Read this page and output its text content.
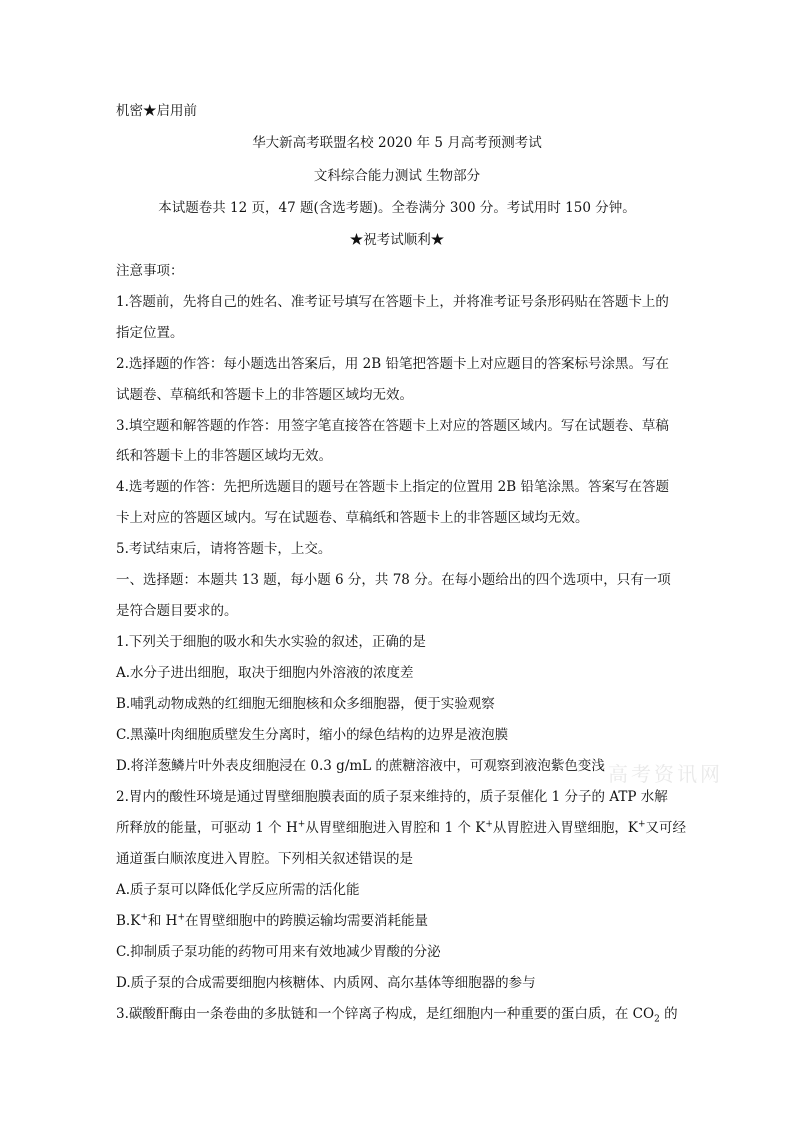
机密★启用前
华大新高考联盟名校 2020 年 5 月高考预测考试
文科综合能力测试 生物部分
本试题卷共 12 页，47 题(含选考题)。全卷满分 300 分。考试用时 150 分钟。
★祝考试顺利★
注意事项：
1.答题前，先将自己的姓名、准考证号填写在答题卡上，并将准考证号条形码贴在答题卡上的
指定位置。
2.选择题的作答：每小题选出答案后，用 2B 铅笔把答题卡上对应题目的答案标号涂黑。写在
试题卷、草稿纸和答题卡上的非答题区域均无效。
3.填空题和解答题的作答：用签字笔直接答在答题卡上对应的答题区域内。写在试题卷、草稿
纸和答题卡上的非答题区域均无效。
4.选考题的作答：先把所选题目的题号在答题卡上指定的位置用 2B 铅笔涂黑。答案写在答题
卡上对应的答题区域内。写在试题卷、草稿纸和答题卡上的非答题区域均无效。
5.考试结束后，请将答题卡，上交。
一、选择题：本题共 13 题，每小题 6 分，共 78 分。在每小题给出的四个选项中，只有一项
是符合题目要求的。
1.下列关于细胞的吸水和失水实验的叙述，正确的是
A.水分子进出细胞，取决于细胞内外溶液的浓度差
B.哺乳动物成熟的红细胞无细胞核和众多细胞器，便于实验观察
C.黑藻叶肉细胞质壁发生分离时，缩小的绿色结构的边界是液泡膜
D.将洋葱鳞片叶外表皮细胞浸在 0.3 g/mL 的蔗糖溶液中，可观察到液泡紫色变浅 高考资讯网
2.胃内的酸性环境是通过胃壁细胞膜表面的质子泵来维持的，质子泵催化 1 分子的 ATP 水解
所释放的能量，可驱动 1 个 H+从胃壁细胞进入胃腔和 1 个 K+从胃腔进入胃壁细胞，K+又可经
通道蛋白顺浓度进入胃腔。下列相关叙述错误的是
A.质子泵可以降低化学反应所需的活化能
B.K+和 H+在胃壁细胞中的跨膜运输均需要消耗能量
C.抑制质子泵功能的药物可用来有效地减少胃酸的分泌
D.质子泵的合成需要细胞内核糖体、内质网、高尔基体等细胞器的参与
3.碳酸酐酶由一条卷曲的多肽链和一个锌离子构成，是红细胞内一种重要的蛋白质，在 $CO_2$ 的
